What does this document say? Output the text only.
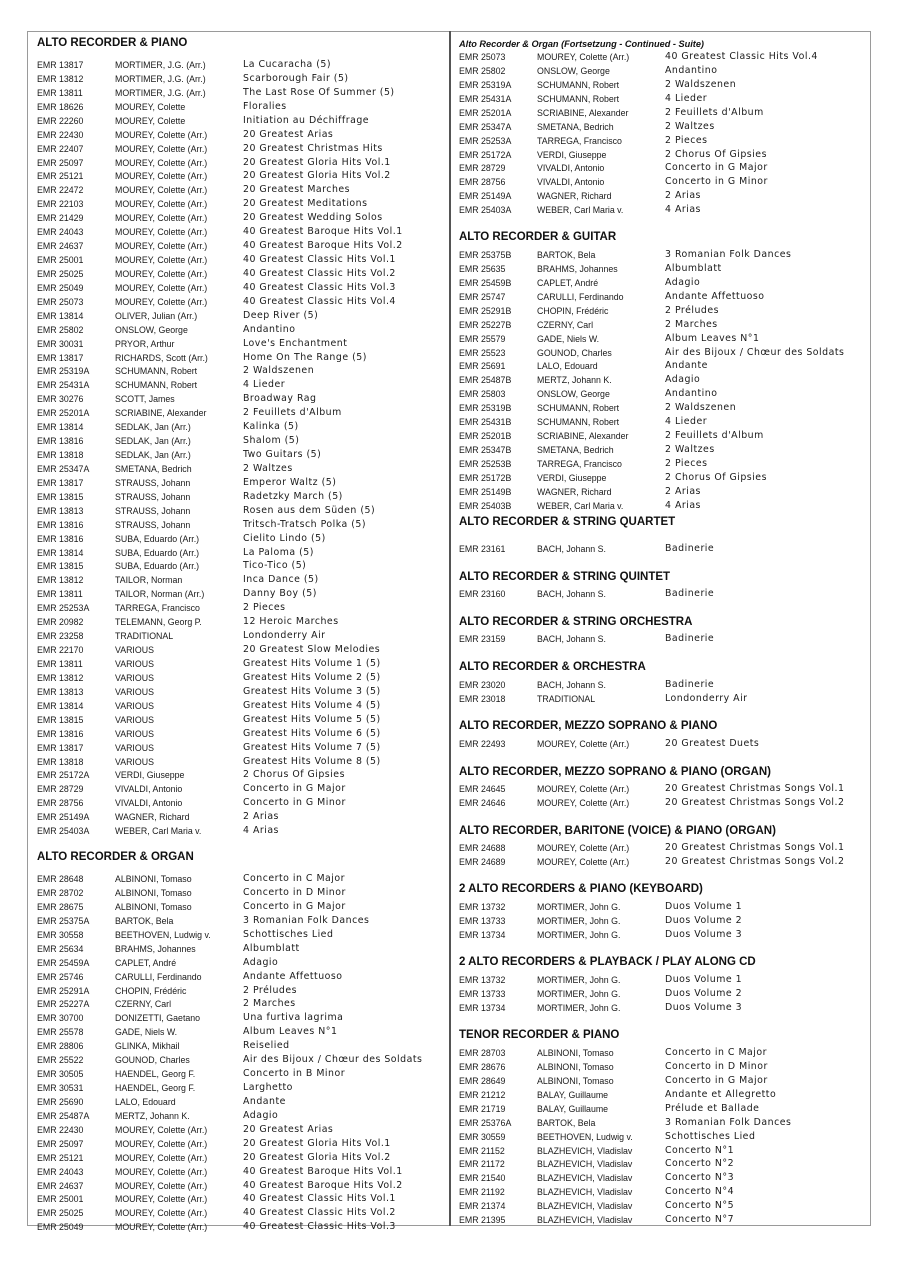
ALTO RECORDER & PIANO
EMR 13817	MORTIMER, J.G. (Arr.)	La Cucaracha (5)
EMR 13812	MORTIMER, J.G. (Arr.)	Scarborough Fair (5)
EMR 13811	MORTIMER, J.G. (Arr.)	The Last Rose Of Summer (5)
EMR 18626	MOUREY, Colette	Floralies
EMR 22260	MOUREY, Colette	Initiation au Déchiffrage
EMR 22430	MOUREY, Colette (Arr.)	20 Greatest Arias
EMR 22407	MOUREY, Colette (Arr.)	20 Greatest Christmas Hits
EMR 25097	MOUREY, Colette (Arr.)	20 Greatest Gloria Hits Vol.1
EMR 25121	MOUREY, Colette (Arr.)	20 Greatest Gloria Hits Vol.2
EMR 22472	MOUREY, Colette (Arr.)	20 Greatest Marches
EMR 22103	MOUREY, Colette (Arr.)	20 Greatest Meditations
EMR 21429	MOUREY, Colette (Arr.)	20 Greatest Wedding Solos
EMR 24043	MOUREY, Colette (Arr.)	40 Greatest Baroque Hits Vol.1
EMR 24637	MOUREY, Colette (Arr.)	40 Greatest Baroque Hits Vol.2
EMR 25001	MOUREY, Colette (Arr.)	40 Greatest Classic Hits Vol.1
EMR 25025	MOUREY, Colette (Arr.)	40 Greatest Classic Hits Vol.2
EMR 25049	MOUREY, Colette (Arr.)	40 Greatest Classic Hits Vol.3
EMR 25073	MOUREY, Colette (Arr.)	40 Greatest Classic Hits Vol.4
EMR 13814	OLIVER, Julian (Arr.)	Deep River (5)
EMR 25802	ONSLOW, George	Andantino
EMR 30031	PRYOR, Arthur	Love's Enchantment
EMR 13817	RICHARDS, Scott (Arr.)	Home On The Range (5)
EMR 25319A	SCHUMANN, Robert	2 Waldszenen
EMR 25431A	SCHUMANN, Robert	4 Lieder
EMR 30276	SCOTT, James	Broadway Rag
EMR 25201A	SCRIABINE, Alexander	2 Feuillets d'Album
EMR 13814	SEDLAK, Jan (Arr.)	Kalinka (5)
EMR 13816	SEDLAK, Jan (Arr.)	Shalom (5)
EMR 13818	SEDLAK, Jan (Arr.)	Two Guitars (5)
EMR 25347A	SMETANA, Bedrich	2 Waltzes
EMR 13817	STRAUSS, Johann	Emperor Waltz (5)
EMR 13815	STRAUSS, Johann	Radetzky March (5)
EMR 13813	STRAUSS, Johann	Rosen aus dem Süden (5)
EMR 13816	STRAUSS, Johann	Tritsch-Tratsch Polka (5)
EMR 13816	SUBA, Eduardo (Arr.)	Cielito Lindo (5)
EMR 13814	SUBA, Eduardo (Arr.)	La Paloma (5)
EMR 13815	SUBA, Eduardo (Arr.)	Tico-Tico (5)
EMR 13812	TAILOR, Norman	Inca Dance (5)
EMR 13811	TAILOR, Norman (Arr.)	Danny Boy (5)
EMR 25253A	TARREGA, Francisco	2 Pieces
EMR 20982	TELEMANN, Georg P.	12 Heroic Marches
EMR 23258	TRADITIONAL	Londonderry Air
EMR 22170	VARIOUS	20 Greatest Slow Melodies
EMR 13811	VARIOUS	Greatest Hits Volume 1 (5)
EMR 13812	VARIOUS	Greatest Hits Volume 2 (5)
EMR 13813	VARIOUS	Greatest Hits Volume 3 (5)
EMR 13814	VARIOUS	Greatest Hits Volume 4 (5)
EMR 13815	VARIOUS	Greatest Hits Volume 5 (5)
EMR 13816	VARIOUS	Greatest Hits Volume 6 (5)
EMR 13817	VARIOUS	Greatest Hits Volume 7 (5)
EMR 13818	VARIOUS	Greatest Hits Volume 8 (5)
EMR 25172A	VERDI, Giuseppe	2 Chorus Of Gipsies
EMR 28729	VIVALDI, Antonio	Concerto in G Major
EMR 28756	VIVALDI, Antonio	Concerto in G Minor
EMR 25149A	WAGNER, Richard	2 Arias
EMR 25403A	WEBER, Carl Maria v.	4 Arias
ALTO RECORDER & ORGAN
EMR 28648	ALBINONI, Tomaso	Concerto in C Major
EMR 28702	ALBINONI, Tomaso	Concerto in D Minor
EMR 28675	ALBINONI, Tomaso	Concerto in G Major
EMR 25375A	BARTOK, Bela	3 Romanian Folk Dances
EMR 30558	BEETHOVEN, Ludwig v.	Schottisches Lied
EMR 25634	BRAHMS, Johannes	Albumblatt
EMR 25459A	CAPLET, André	Adagio
EMR 25746	CARULLI, Ferdinando	Andante Affettuoso
EMR 25291A	CHOPIN, Frédéric	2 Préludes
EMR 25227A	CZERNY, Carl	2 Marches
EMR 30700	DONIZETTI, Gaetano	Una furtiva lagrima
EMR 25578	GADE, Niels W.	Album Leaves N°1
EMR 28806	GLINKA, Mikhail	Reiselied
EMR 25522	GOUNOD, Charles	Air des Bijoux / Chœur des Soldats
EMR 30505	HAENDEL, Georg F.	Concerto in B Minor
EMR 30531	HAENDEL, Georg F.	Larghetto
EMR 25690	LALO, Edouard	Andante
EMR 25487A	MERTZ, Johann K.	Adagio
EMR 22430	MOUREY, Colette (Arr.)	20 Greatest Arias
EMR 25097	MOUREY, Colette (Arr.)	20 Greatest Gloria Hits Vol.1
EMR 25121	MOUREY, Colette (Arr.)	20 Greatest Gloria Hits Vol.2
EMR 24043	MOUREY, Colette (Arr.)	40 Greatest Baroque Hits Vol.1
EMR 24637	MOUREY, Colette (Arr.)	40 Greatest Baroque Hits Vol.2
EMR 25001	MOUREY, Colette (Arr.)	40 Greatest Classic Hits Vol.1
EMR 25025	MOUREY, Colette (Arr.)	40 Greatest Classic Hits Vol.2
EMR 25049	MOUREY, Colette (Arr.)	40 Greatest Classic Hits Vol.3
Alto Recorder & Organ (Fortsetzung - Continued - Suite)
EMR 25073	MOUREY, Colette (Arr.)	40 Greatest Classic Hits Vol.4
EMR 25802	ONSLOW, George	Andantino
EMR 25319A	SCHUMANN, Robert	2 Waldszenen
EMR 25431A	SCHUMANN, Robert	4 Lieder
EMR 25201A	SCRIABINE, Alexander	2 Feuillets d'Album
EMR 25347A	SMETANA, Bedrich	2 Waltzes
EMR 25253A	TARREGA, Francisco	2 Pieces
EMR 25172A	VERDI, Giuseppe	2 Chorus Of Gipsies
EMR 28729	VIVALDI, Antonio	Concerto in G Major
EMR 28756	VIVALDI, Antonio	Concerto in G Minor
EMR 25149A	WAGNER, Richard	2 Arias
EMR 25403A	WEBER, Carl Maria v.	4 Arias
ALTO RECORDER & GUITAR
EMR 25375B	BARTOK, Bela	3 Romanian Folk Dances
EMR 25635	BRAHMS, Johannes	Albumblatt
EMR 25459B	CAPLET, André	Adagio
EMR 25747	CARULLI, Ferdinando	Andante Affettuoso
EMR 25291B	CHOPIN, Frédéric	2 Préludes
EMR 25227B	CZERNY, Carl	2 Marches
EMR 25579	GADE, Niels W.	Album Leaves N°1
EMR 25523	GOUNOD, Charles	Air des Bijoux / Chœur des Soldats
EMR 25691	LALO, Edouard	Andante
EMR 25487B	MERTZ, Johann K.	Adagio
EMR 25803	ONSLOW, George	Andantino
EMR 25319B	SCHUMANN, Robert	2 Waldszenen
EMR 25431B	SCHUMANN, Robert	4 Lieder
EMR 25201B	SCRIABINE, Alexander	2 Feuillets d'Album
EMR 25347B	SMETANA, Bedrich	2 Waltzes
EMR 25253B	TARREGA, Francisco	2 Pieces
EMR 25172B	VERDI, Giuseppe	2 Chorus Of Gipsies
EMR 25149B	WAGNER, Richard	2 Arias
EMR 25403B	WEBER, Carl Maria v.	4 Arias
ALTO RECORDER & STRING QUARTET
EMR 23161	BACH, Johann S.	Badinerie
ALTO RECORDER & STRING QUINTET
EMR 23160	BACH, Johann S.	Badinerie
ALTO RECORDER & STRING ORCHESTRA
EMR 23159	BACH, Johann S.	Badinerie
ALTO RECORDER & ORCHESTRA
EMR 23020	BACH, Johann S.	Badinerie
EMR 23018	TRADITIONAL	Londonderry Air
ALTO RECORDER, MEZZO SOPRANO & PIANO
EMR 22493	MOUREY, Colette (Arr.)	20 Greatest Duets
ALTO RECORDER, MEZZO SOPRANO & PIANO (ORGAN)
EMR 24645	MOUREY, Colette (Arr.)	20 Greatest Christmas Songs Vol.1
EMR 24646	MOUREY, Colette (Arr.)	20 Greatest Christmas Songs Vol.2
ALTO RECORDER, BARITONE (VOICE) & PIANO (ORGAN)
EMR 24688	MOUREY, Colette (Arr.)	20 Greatest Christmas Songs Vol.1
EMR 24689	MOUREY, Colette (Arr.)	20 Greatest Christmas Songs Vol.2
2 ALTO RECORDERS & PIANO (KEYBOARD)
EMR 13732	MORTIMER, John G.	Duos Volume 1
EMR 13733	MORTIMER, John G.	Duos Volume 2
EMR 13734	MORTIMER, John G.	Duos Volume 3
2 ALTO RECORDERS & PLAYBACK / PLAY ALONG CD
EMR 13732	MORTIMER, John G.	Duos Volume 1
EMR 13733	MORTIMER, John G.	Duos Volume 2
EMR 13734	MORTIMER, John G.	Duos Volume 3
TENOR RECORDER & PIANO
EMR 28703	ALBINONI, Tomaso	Concerto in C Major
EMR 28676	ALBINONI, Tomaso	Concerto in D Minor
EMR 28649	ALBINONI, Tomaso	Concerto in G Major
EMR 21212	BALAY, Guillaume	Andante et Allegretto
EMR 21719	BALAY, Guillaume	Prélude et Ballade
EMR 25376A	BARTOK, Bela	3 Romanian Folk Dances
EMR 30559	BEETHOVEN, Ludwig v.	Schottisches Lied
EMR 21152	BLAZHEVICH, Vladislav	Concerto N°1
EMR 21172	BLAZHEVICH, Vladislav	Concerto N°2
EMR 21540	BLAZHEVICH, Vladislav	Concerto N°3
EMR 21192	BLAZHEVICH, Vladislav	Concerto N°4
EMR 21374	BLAZHEVICH, Vladislav	Concerto N°5
EMR 21395	BLAZHEVICH, Vladislav	Concerto N°7
